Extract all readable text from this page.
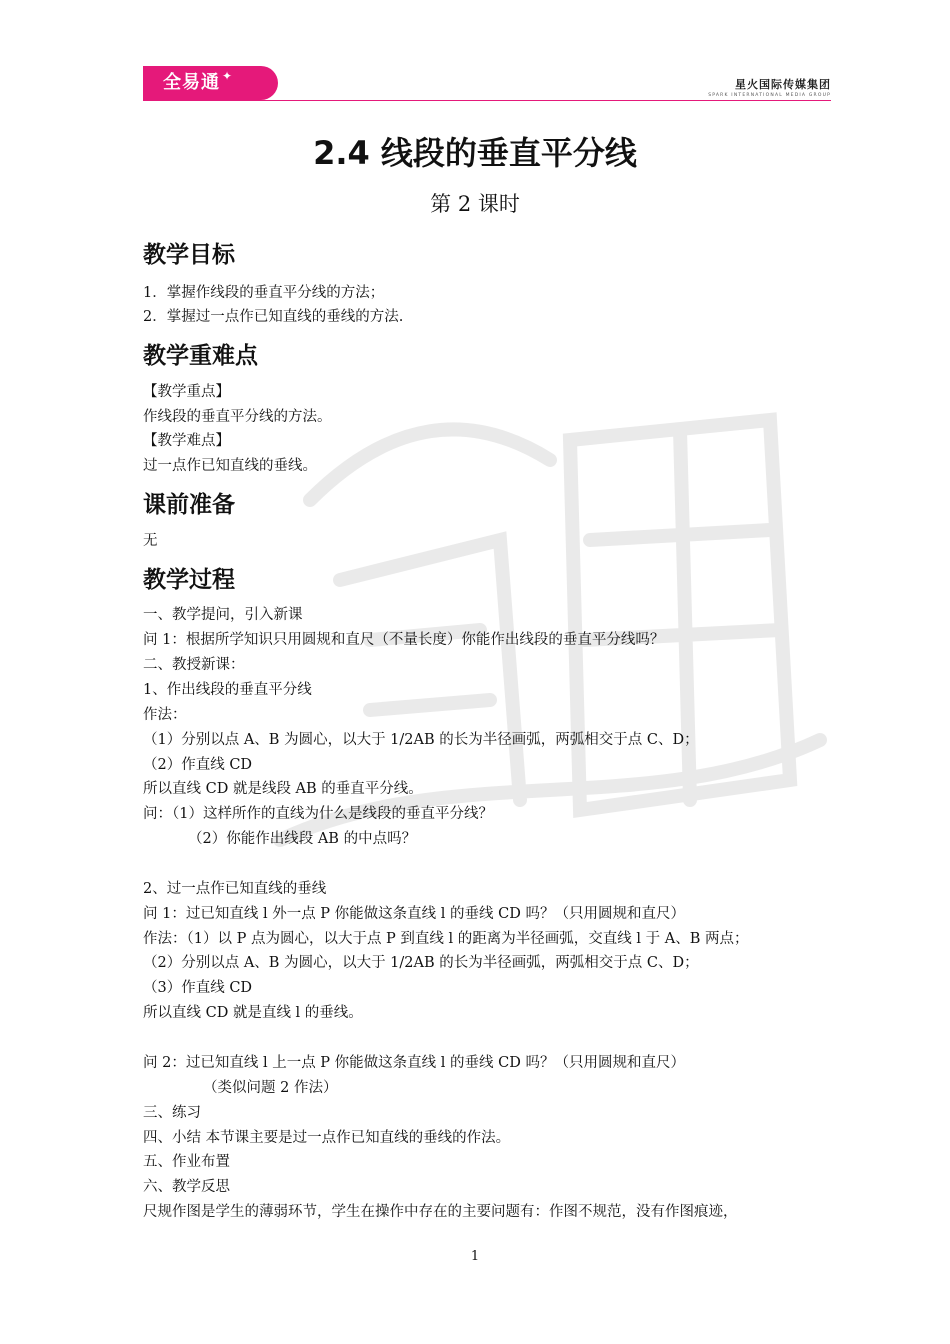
全易通 ✦
星火国际传媒集团
SPARK INTERNATIONAL MEDIA GROUP
2.4 线段的垂直平分线
第 2 课时
教学目标
1．掌握作线段的垂直平分线的方法；
2．掌握过一点作已知直线的垂线的方法.
教学重难点
【教学重点】
作线段的垂直平分线的方法。
【教学难点】
过一点作已知直线的垂线。
课前准备
无
教学过程
一、教学提问，引入新课
问 1：根据所学知识只用圆规和直尺（不量长度）你能作出线段的垂直平分线吗？
二、教授新课：
1、作出线段的垂直平分线
作法：
（1）分别以点 A、B 为圆心，以大于 1/2AB 的长为半径画弧，两弧相交于点 C、D；
（2）作直线 CD
所以直线 CD 就是线段 AB 的垂直平分线。
问：（1）这样所作的直线为什么是线段的垂直平分线？
（2）你能作出线段 AB 的中点吗？
2、过一点作已知直线的垂线
问 1：过已知直线 l 外一点 P 你能做这条直线 l 的垂线 CD 吗？（只用圆规和直尺）
作法：（1）以 P 点为圆心，以大于点 P 到直线 l 的距离为半径画弧，交直线 l 于 A、B 两点；
（2）分别以点 A、B 为圆心，以大于 1/2AB 的长为半径画弧，两弧相交于点 C、D；
（3）作直线 CD
所以直线 CD 就是直线 l 的垂线。
问 2：过已知直线 l 上一点 P 你能做这条直线 l 的垂线 CD 吗？（只用圆规和直尺）
（类似问题 2 作法）
三、练习
四、小结 本节课主要是过一点作已知直线的垂线的作法。
五、作业布置
六、教学反思
尺规作图是学生的薄弱环节，学生在操作中存在的主要问题有：作图不规范，没有作图痕迹，
1
